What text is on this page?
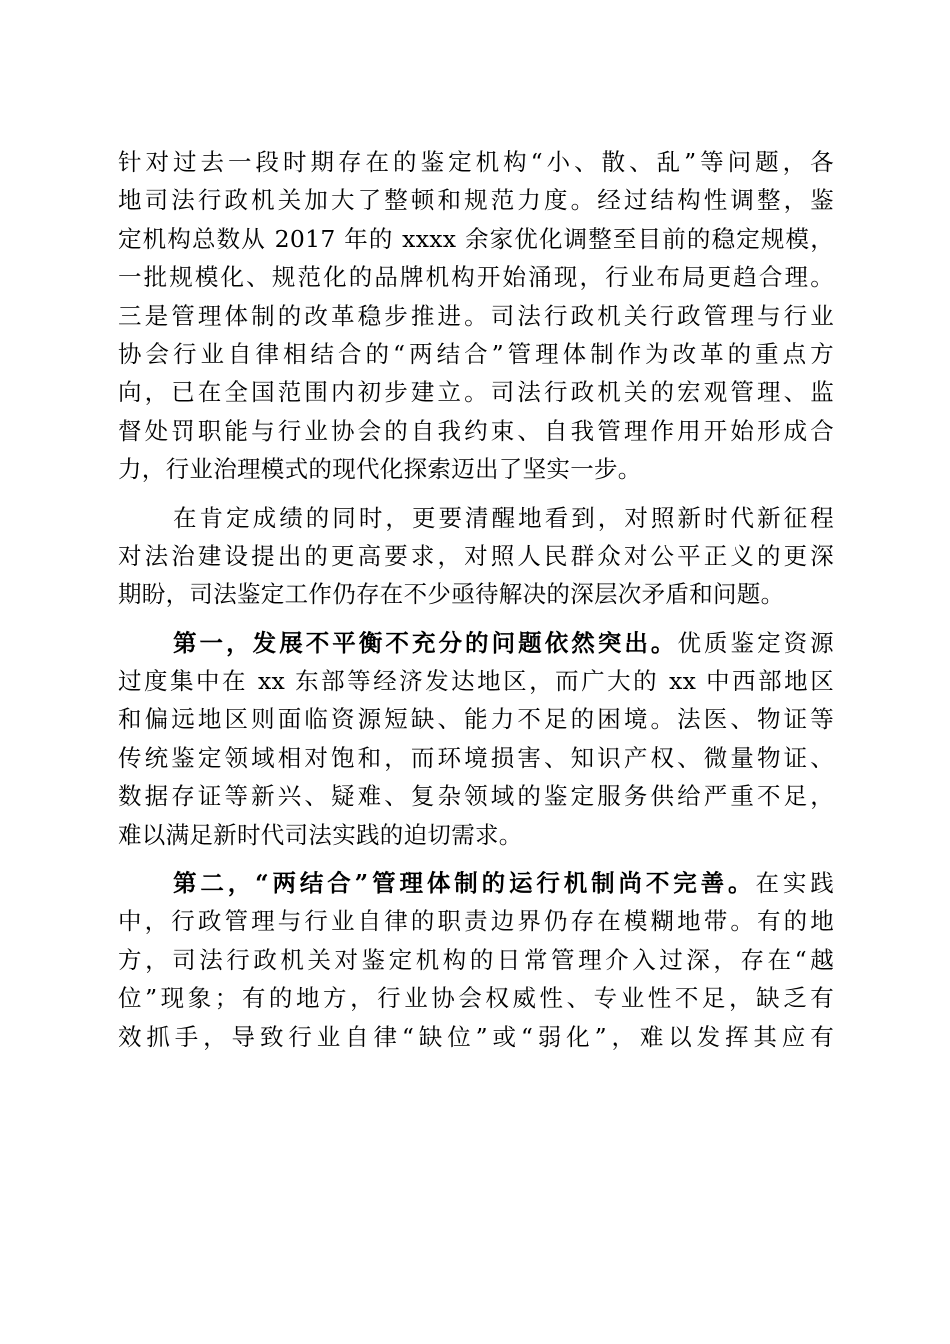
针对过去一段时期存在的鉴定机构“小、散、乱”等问题，各
地司法行政机关加大了整顿和规范力度。经过结构性调整，鉴
定机构总数从 2017 年的 xxxx 余家优化调整至目前的稳定规模，
一批规模化、规范化的品牌机构开始涌现，行业布局更趋合理。
三是管理体制的改革稳步推进。司法行政机关行政管理与行业
协会行业自律相结合的“两结合”管理体制作为改革的重点方
向，已在全国范围内初步建立。司法行政机关的宏观管理、监
督处罚职能与行业协会的自我约束、自我管理作用开始形成合
力，行业治理模式的现代化探索迈出了坚实一步。
在肯定成绩的同时，更要清醒地看到，对照新时代新征程
对法治建设提出的更高要求，对照人民群众对公平正义的更深
期盼，司法鉴定工作仍存在不少亟待解决的深层次矛盾和问题。
第一，发展不平衡不充分的问题依然突出。优质鉴定资源
过度集中在 xx 东部等经济发达地区，而广大的 xx 中西部地区
和偏远地区则面临资源短缺、能力不足的困境。法医、物证等
传统鉴定领域相对饱和，而环境损害、知识产权、微量物证、
数据存证等新兴、疑难、复杂领域的鉴定服务供给严重不足，
难以满足新时代司法实践的迫切需求。
第二，“两结合”管理体制的运行机制尚不完善。在实践
中，行政管理与行业自律的职责边界仍存在模糊地带。有的地
方，司法行政机关对鉴定机构的日常管理介入过深，存在“越
位”现象；有的地方，行业协会权威性、专业性不足，缺乏有
效抓手，导致行业自律“缺位”或“弱化”，难以发挥其应有
